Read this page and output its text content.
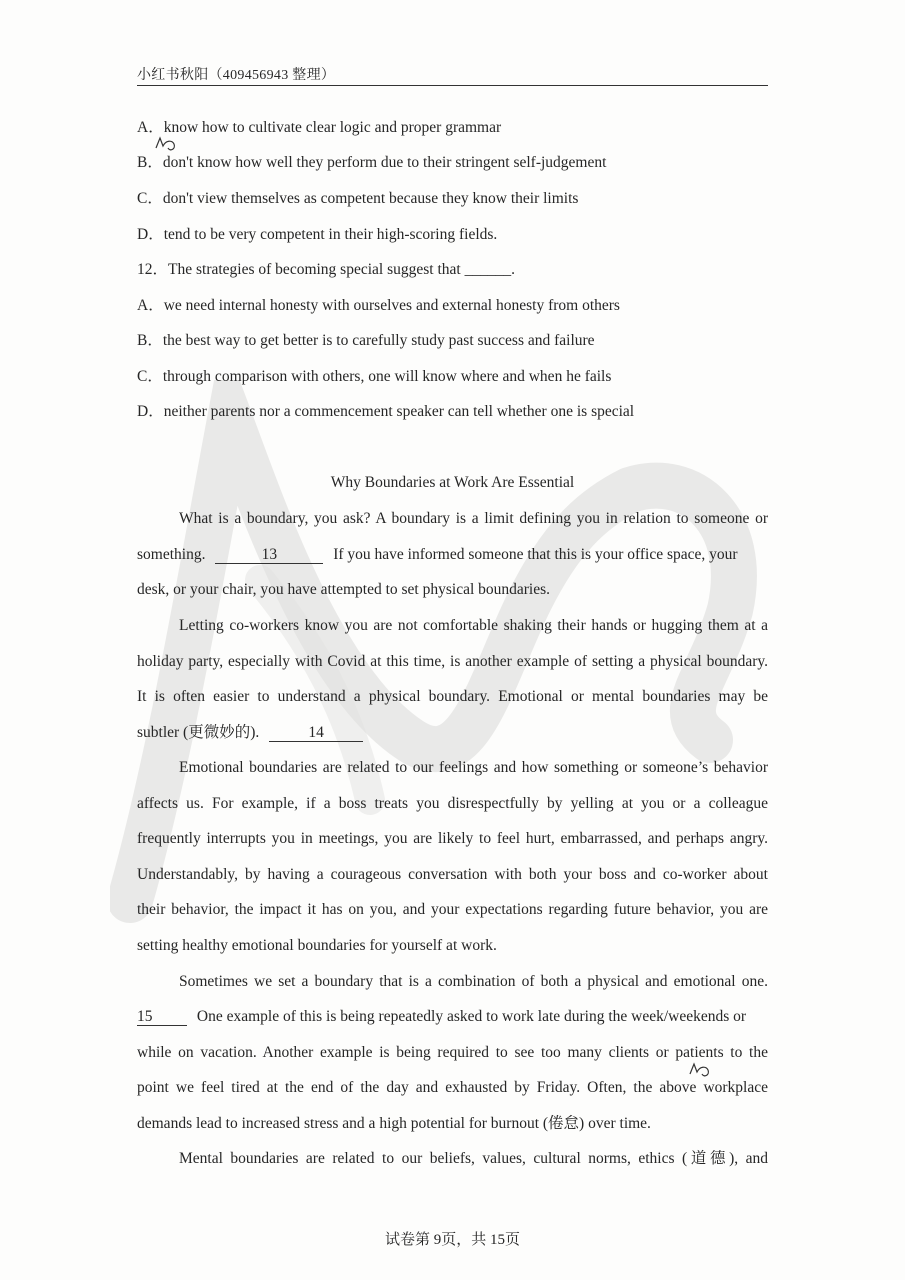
小红书秋阳（409456943 整理）
A．know how to cultivate clear logic and proper grammar
B．don't know how well they perform due to their stringent self-judgement
C．don't view themselves as competent because they know their limits
D．tend to be very competent in their high-scoring fields.
12．The strategies of becoming special suggest that ______.
A．we need internal honesty with ourselves and external honesty from others
B．the best way to get better is to carefully study past success and failure
C．through comparison with others, one will know where and when he fails
D．neither parents nor a commencement speaker can tell whether one is special
Why Boundaries at Work Are Essential
What is a boundary, you ask? A boundary is a limit defining you in relation to someone or
something.	13	If you have informed someone that this is your office space, your
desk, or your chair, you have attempted to set physical boundaries.
Letting co-workers know you are not comfortable shaking their hands or hugging them at a
holiday party, especially with Covid at this time, is another example of setting a physical boundary.
It is often easier to understand a physical boundary. Emotional or mental boundaries may be
subtler (更微妙的).	14
Emotional boundaries are related to our feelings and how something or someone’s behavior
affects us. For example, if a boss treats you disrespectfully by yelling at you or a colleague
frequently interrupts you in meetings, you are likely to feel hurt, embarrassed, and perhaps angry.
Understandably, by having a courageous conversation with both your boss and co-worker about
their behavior, the impact it has on you, and your expectations regarding future behavior, you are
setting healthy emotional boundaries for yourself at work.
Sometimes we set a boundary that is a combination of both a physical and emotional one.
15	One example of this is being repeatedly asked to work late during the week/weekends or
while on vacation. Another example is being required to see too many clients or patients to the
point we feel tired at the end of the day and exhausted by Friday. Often, the above workplace
demands lead to increased stress and a high potential for burnout (倦怠) over time.
Mental boundaries are related to our beliefs, values, cultural norms, ethics (道德), and
试卷第 9页，共 15页
